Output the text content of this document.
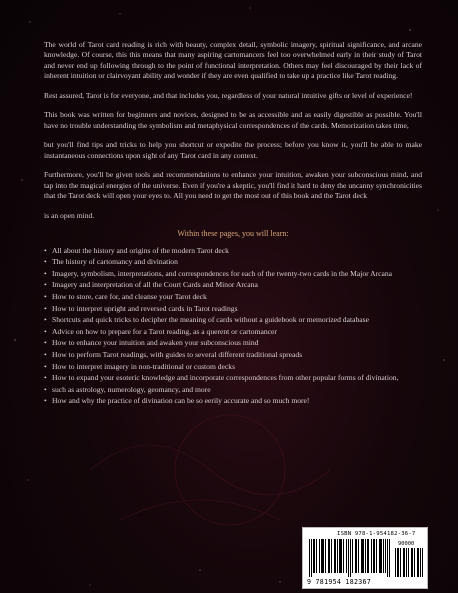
The world of Tarot card reading is rich with beauty, complex detail, symbolic imagery, spiritual significance, and arcane knowledge. Of course, this this means that many aspiring cartomancers feel too overwhelmed early in their study of Tarot and never end up following through to the point of functional interpretation. Others may feel discouraged by their lack of inherent intuition or clairvoyant ability and wonder if they are even qualified to take up a practice like Tarot reading.

Rest assured, Tarot is for everyone, and that includes you, regardless of your natural intuitive gifts or level of experience!

This book was written for beginners and novices, designed to be as accessible and as easily digestible as possible. You'll have no trouble understanding the symbolism and metaphysical correspondences of the cards. Memorization takes time,

but you'll find tips and tricks to help you shortcut or expedite the process; before you know it, you'll be able to make instantaneous connections upon sight of any Tarot card in any context.

Furthermore, you'll be given tools and recommendations to enhance your intuition, awaken your subconscious mind, and tap into the magical energies of the universe. Even if you're a skeptic, you'll find it hard to deny the uncanny synchronicities that the Tarot deck will open your eyes to. All you need to get the most out of this book and the Tarot deck

is an open mind.

Within these pages, you will learn:
• All about the history and origins of the modern Tarot deck
• The history of cartomancy and divination
• Imagery, symbolism, interpretations, and correspondences for each of the twenty-two cards in the Major Arcana
• Imagery and interpretation of all the Court Cards and Minor Arcana
• How to store, care for, and cleanse your Tarot deck
• How to interpret upright and reversed cards in Tarot readings
• Shortcuts and quick tricks to decipher the meaning of cards without a guidebook or memorized database
• Advice on how to prepare for a Tarot reading, as a querent or cartomancer
• How to enhance your intuition and awaken your subconscious mind
• How to perform Tarot readings, with guides to several different traditional spreads
• How to interpret imagery in non-traditional or custom decks
• How to expand your esoteric knowledge and incorporate correspondences from other popular forms of divination,
• such as astrology, numerology, geomancy, and more
• How and why the practice of divination can be so eerily accurate and so much more!
ISBN 978-1-954182-36-7
90000
9 781954 182367
